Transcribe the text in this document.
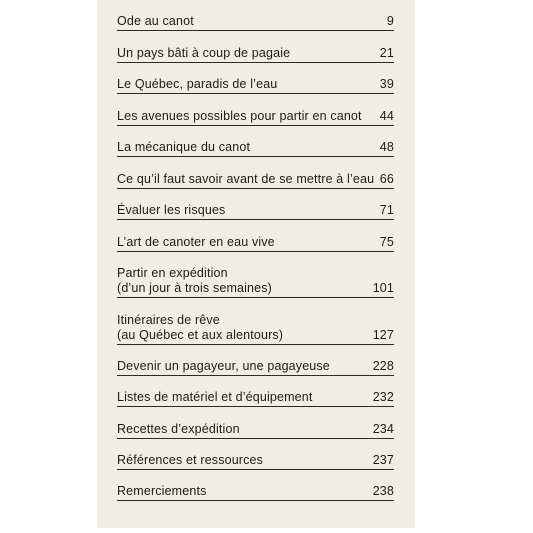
Ode au canot	9
Un pays bâti à coup de pagaie	21
Le Québec, paradis de l’eau	39
Les avenues possibles pour partir en canot	44
La mécanique du canot	48
Ce qu’il faut savoir avant de se mettre à l’eau 66
Évaluer les risques	71
L’art de canoter en eau vive	75
Partir en expédition
(d’un jour à trois semaines)	101
Itinéraires de rêve
(au Québec et aux alentours)	127
Devenir un pagayeur, une pagayeuse	228
Listes de matériel et d’équipement	232
Recettes d’expédition	234
Références et ressources	237
Remerciements	238
